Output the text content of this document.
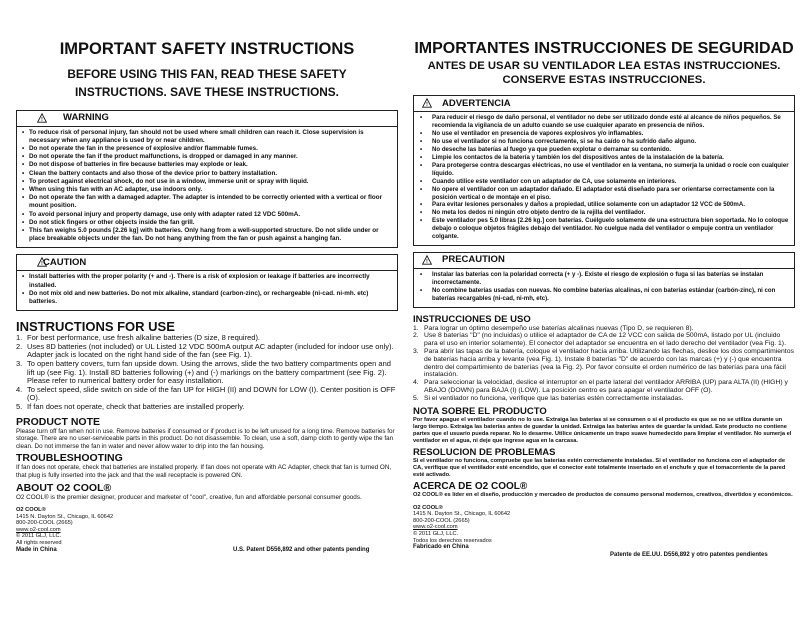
IMPORTANT SAFETY INSTRUCTIONS
BEFORE USING THIS FAN, READ THESE SAFETY
INSTRUCTIONS. SAVE THESE INSTRUCTIONS.
! WARNING
• To reduce risk of personal injury, fan should not be used where small children can reach it. Close supervision is necessary when any appliance is used by or near children.
• Do not operate the fan in the presence of explosive and/or flammable fumes.
• Do not operate the fan if the product malfunctions, is dropped or damaged in any manner.
• Do not dispose of batteries in fire because batteries may explode or leak.
• Clean the battery contacts and also those of the device prior to battery installation.
• To protect against electrical shock, do not use in a window, immerse unit or spray with liquid.
• When using this fan with an AC adapter, use indoors only.
• Do not operate the fan with a damaged adapter. The adapter is intended to be correctly oriented with a vertical or floor mount position.
• To avoid personal injury and property damage, use only with adapter rated 12 VDC 500mA.
• Do not stick fingers or other objects inside the fan grill.
• This fan weighs 5.0 pounds [2.26 kg] with batteries. Only hang from a well-supported structure. Do not slide under or place breakable objects under the fan. Do not hang anything from the fan or push against a hanging fan.
! CAUTION
• Install batteries with the proper polarity (+ and -). There is a risk of explosion or leakage if batteries are incorrectly installed.
• Do not mix old and new batteries. Do not mix alkaline, standard (carbon-zinc), or rechargeable (ni-cad. ni-mh. etc) batteries.
INSTRUCTIONS FOR USE
1. For best performance, use fresh alkaline batteries (D size, 8 required).
2. Uses 8D batteries (not included) or UL Listed 12 VDC 500mA output AC adapter (included for indoor use only). Adapter jack is located on the right hand side of the fan (see Fig. 1).
3. To open battery covers, turn fan upside down. Using the arrows, slide the two battery compartments open and lift up (see Fig. 1). Install 8D batteries following (+) and (-) markings on the battery compartment (see Fig. 2). Please refer to numerical battery order for easy installation.
4. To select speed, slide switch on side of the fan UP for HIGH (II) and DOWN for LOW (I). Center position is OFF (O).
5. If fan does not operate, check that batteries are installed properly.
PRODUCT NOTE

Please turn off fan when not in use. Remove batteries if consumed or if product is to be left unused for a long time. Remove batteries for storage. There are no user-serviceable parts in this product. Do not disassemble. To clean, use a soft, damp cloth to gently wipe the fan clean. Do not immerse the fan in water and never allow water to drip into the fan housing.

TROUBLESHOOTING

If fan does not operate, check that batteries are installed properly. If fan does not operate with AC Adapter, check that fan is turned ON, that plug is fully inserted into the jack and that the wall receptacle is powered ON.

ABOUT O2 COOL®

O2 COOL® is the premier designer, producer and marketer of "cool", creative, fun and affordable personal consumer goods.

O2 COOL®
1415 N. Dayton St., Chicago, IL 60642
800-200-COOL (2665)
www.o2-cool.com
© 2011 GLJ, LLC.
All rights reserved
Made in China	U.S. Patent D556,892 and other patents pending
IMPORTANTES INSTRUCCIONES DE SEGURIDAD
ANTES DE USAR SU VENTILADOR LEA ESTAS INSTRUCCIONES.
CONSERVE ESTAS INSTRUCCIONES.
! ADVERTENCIA
• Para reducir el riesgo de daño personal, el ventilador no debe ser utilizado donde esté al alcance de niños pequeños. Se recomienda la vigilancia de un adulto cuando se use cualquier aparato en presencia de niños.
• No use el ventilador en presencia de vapores explosivos y/o inflamables.
• No use el ventilador si no funciona correctamente, si se ha caído o ha sufrido daño alguno.
• No deseche las baterías al fuego ya que pueden explotar o derramar su contenido.
• Limpie los contactos de la batería y también los del dispositivos antes de la instalación de la batería.
• Para protegerse contra descargas eléctricas, no use el ventilador en la ventana, no sumerja la unidad o rocíe con cualquier líquido.
• Cuando utilice este ventilador con un adaptador de CA, use solamente en interiores.
• No opere el ventilador con un adaptador dañado. El adaptador está diseñado para ser orientarse correctamente con la posición vertical o de montaje en el piso.
• Para evitar lesiones personales y daños a propiedad, utilice solamente con un adaptador 12 VCC de 500mA.
• No meta los dedos ni ningún otro objeto dentro de la rejilla del ventilador.
• Este ventilador pes 5.0 libras [2.26 kg.] con baterías. Cuélguelo solamente de una estructura bien soportada. No lo coloque debajo o coloque objetos frágiles debajo del ventilador. No cuelgue nada del ventilador o empuje contra un ventilador colgante.
! PRECAUTION
• Instalar las baterías con la polaridad correcta (+ y -). Existe el riesgo de explosión o fuga si las baterías se instalan incorrectamente.
• No combine baterías usadas con nuevas. No combine baterías alcalinas, ni con baterías estándar (carbón-zinc), ni con baterías recargables (ni-cad, ni-mh, etc).
INSTRUCCIONES DE USO
1. Para lograr un óptimo desempeño use baterías alcalinas nuevas (Tipo D, se requieren 8).
2. Use 8 baterías "D" (no incluidas) o utilice el adaptador de CA de 12 VCC con salida de 500mA, listado por UL (incluido para el uso en interior solamente). El conector del adaptador se encuentra en el lado derecho del ventilador (vea Fig. 1).
3. Para abrir las tapas de la batería, coloque el ventilador hacia arriba. Utilizando las flechas, deslice los dos compartimientos de baterías hacia arriba y levante (vea Fig. 1). Instale 8 baterías "D" de acuerdo con las marcas (+) y (-) que encuentra dentro del compartimiento de baterías (vea la Fig. 2). Por favor consulte el orden numérico de las baterías para una fácil instalación.
4. Para seleccionar la velocidad, deslice el interruptor en el parte lateral del ventilador ARRIBA (UP) para ALTA (II) (HIGH) y ABAJO (DOWN) para BAJA (I) (LOW). La posición centro es para apagar el ventilador OFF (O).
5. Si el ventilador no funciona, verifique que las baterías estén correctamente instaladas.
NOTA SOBRE EL PRODUCTO

Por favor apague el ventilador cuando no lo use. Extraiga las baterías si se consumen o si el producto es que se no se utiliza durante un largo tiempo. Extraiga las baterías antes de guardar la unidad. Extraiga las baterías antes de guardar la unidad. Este producto no contiene partes que el usuario pueda reparar. No lo desarme. Utilice únicamente un trapo suave humedecido para limpiar el ventilador. No sumerja el ventilador en el agua, ni deje que ingrese agua en la carcasa.

RESOLUCION DE PROBLEMAS

Si el ventilador no funciona, compruebe que las baterías estén correctamente instaladas. Si el ventilador no funciona con el adaptador de CA, verifique que el ventilador esté encendido, que el conector esté totalmente insertado en el enchufe y que el tomacorriente de la pared esté activado.

ACERCA DE O2 COOL®

O2 COOL® es líder en el diseño, producción y mercadeo de productos de consumo personal modernos, creativos, divertidos y económicos.

O2 COOL®
1415 N. Dayton St., Chicago, IL 60642
800-200-COOL (2665)
www.o2-cool.com
© 2011 GLJ, LLC.
Todos los derechos reservados
Fabricado en China
Patente de EE.UU. D556,892 y otro patentes pendientes
